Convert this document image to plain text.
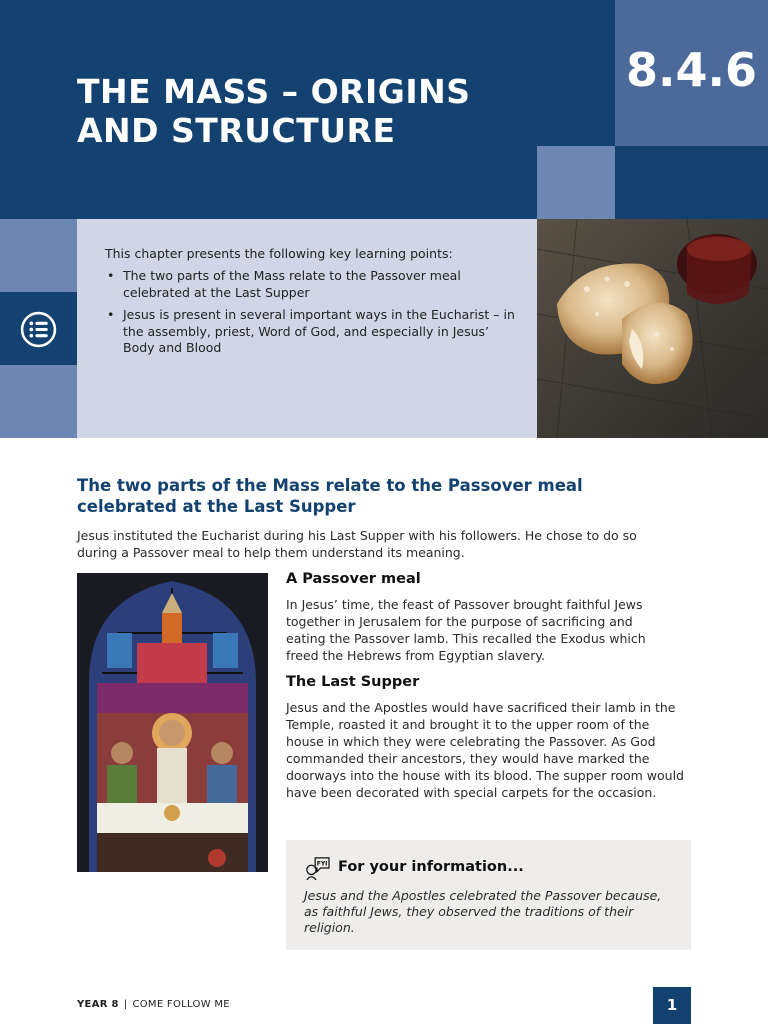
THE MASS – ORIGINS
AND STRUCTURE
8.4.6

This chapter presents the following key learning points:

• The two parts of the Mass relate to the Passover meal celebrated at the Last Supper
• Jesus is present in several important ways in the Eucharist – in the assembly, priest, Word of God, and especially in Jesus’ Body and Blood
The two parts of the Mass relate to the Passover meal celebrated at the Last Supper

Jesus instituted the Eucharist during his Last Supper with his followers. He chose to do so during a Passover meal to help them understand its meaning.

A Passover meal

In Jesus’ time, the feast of Passover brought faithful Jews together in Jerusalem for the purpose of sacrificing and eating the Passover lamb. This recalled the Exodus which freed the Hebrews from Egyptian slavery.

The Last Supper

Jesus and the Apostles would have sacrificed their lamb in the Temple, roasted it and brought it to the upper room of the house in which they were celebrating the Passover. As God commanded their ancestors, they would have marked the doorways into the house with its blood. The supper room would have been decorated with special carpets for the occasion.

FYI For your information...

Jesus and the Apostles celebrated the Passover because, as faithful Jews, they observed the traditions of their religion.

YEAR 8 | COME FOLLOW ME	1
